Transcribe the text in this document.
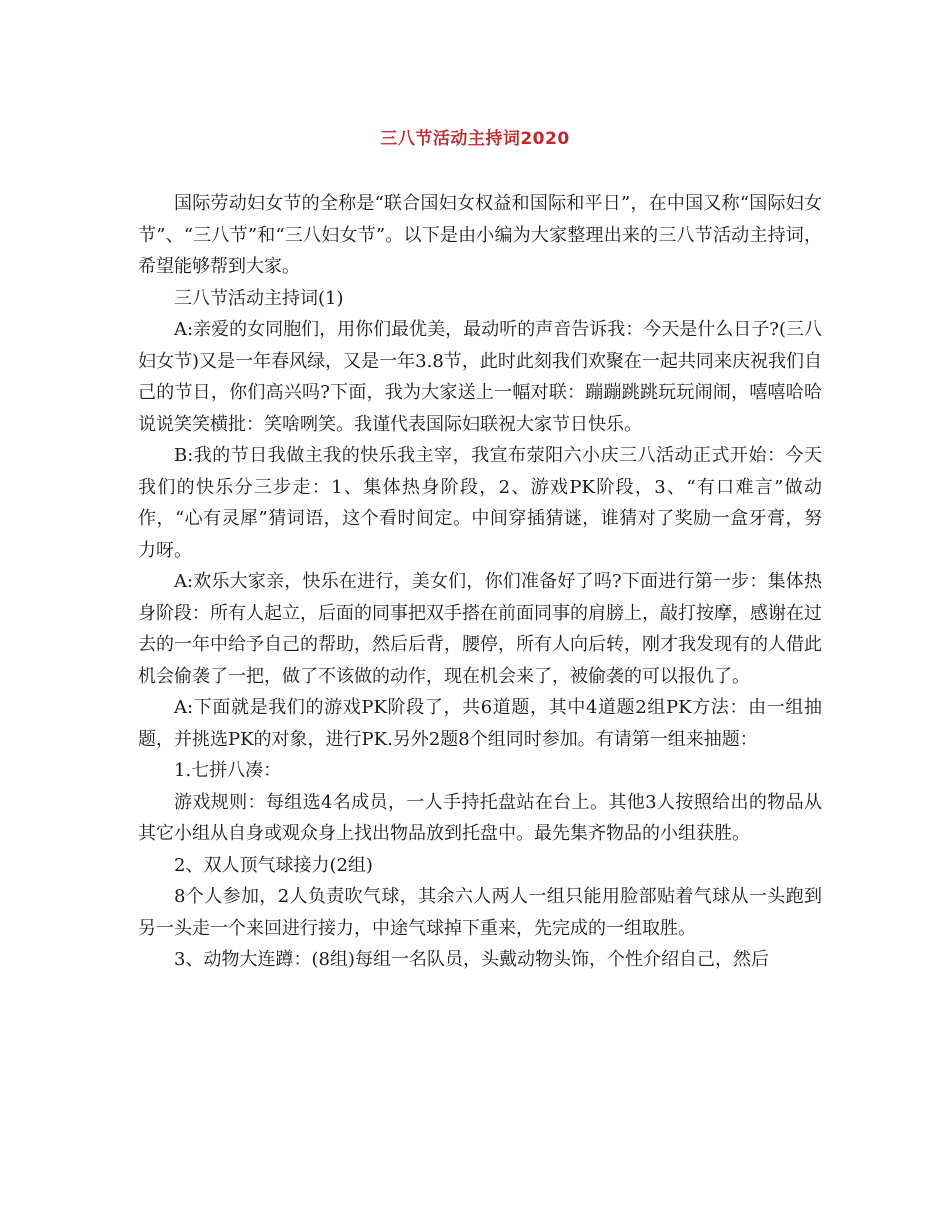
三八节活动主持词2020

国际劳动妇女节的全称是“联合国妇女权益和国际和平日”，在中国又称“国际妇女节”、“三八节”和“三八妇女节”。以下是由小编为大家整理出来的三八节活动主持词，希望能够帮到大家。

三八节活动主持词(1)

A:亲爱的女同胞们，用你们最优美，最动听的声音告诉我：今天是什么日子?(三八妇女节)又是一年春风绿，又是一年3.8节，此时此刻我们欢聚在一起共同来庆祝我们自己的节日，你们高兴吗?下面，我为大家送上一幅对联：蹦蹦跳跳玩玩闹闹，嘻嘻哈哈说说笑笑横批：笑啥咧笑。我谨代表国际妇联祝大家节日快乐。

B:我的节日我做主我的快乐我主宰，我宣布荥阳六小庆三八活动正式开始：今天我们的快乐分三步走：1、集体热身阶段，2、游戏PK阶段，3、“有口难言”做动作，“心有灵犀”猜词语，这个看时间定。中间穿插猜谜，谁猜对了奖励一盒牙膏，努力呀。

A:欢乐大家亲，快乐在进行，美女们，你们准备好了吗?下面进行第一步：集体热身阶段：所有人起立，后面的同事把双手搭在前面同事的肩膀上，敲打按摩，感谢在过去的一年中给予自己的帮助，然后后背，腰停，所有人向后转，刚才我发现有的人借此机会偷袭了一把，做了不该做的动作，现在机会来了，被偷袭的可以报仇了。

A:下面就是我们的游戏PK阶段了，共6道题，其中4道题2组PK方法：由一组抽题，并挑选PK的对象，进行PK.另外2题8个组同时参加。有请第一组来抽题：

1.七拼八凑：

游戏规则：每组选4名成员，一人手持托盘站在台上。其他3人按照给出的物品从其它小组从自身或观众身上找出物品放到托盘中。最先集齐物品的小组获胜。

2、双人顶气球接力(2组)

8个人参加，2人负责吹气球，其余六人两人一组只能用脸部贴着气球从一头跑到另一头走一个来回进行接力，中途气球掉下重来，先完成的一组取胜。

3、动物大连蹲：(8组)每组一名队员，头戴动物头饰，个性介绍自己，然后
